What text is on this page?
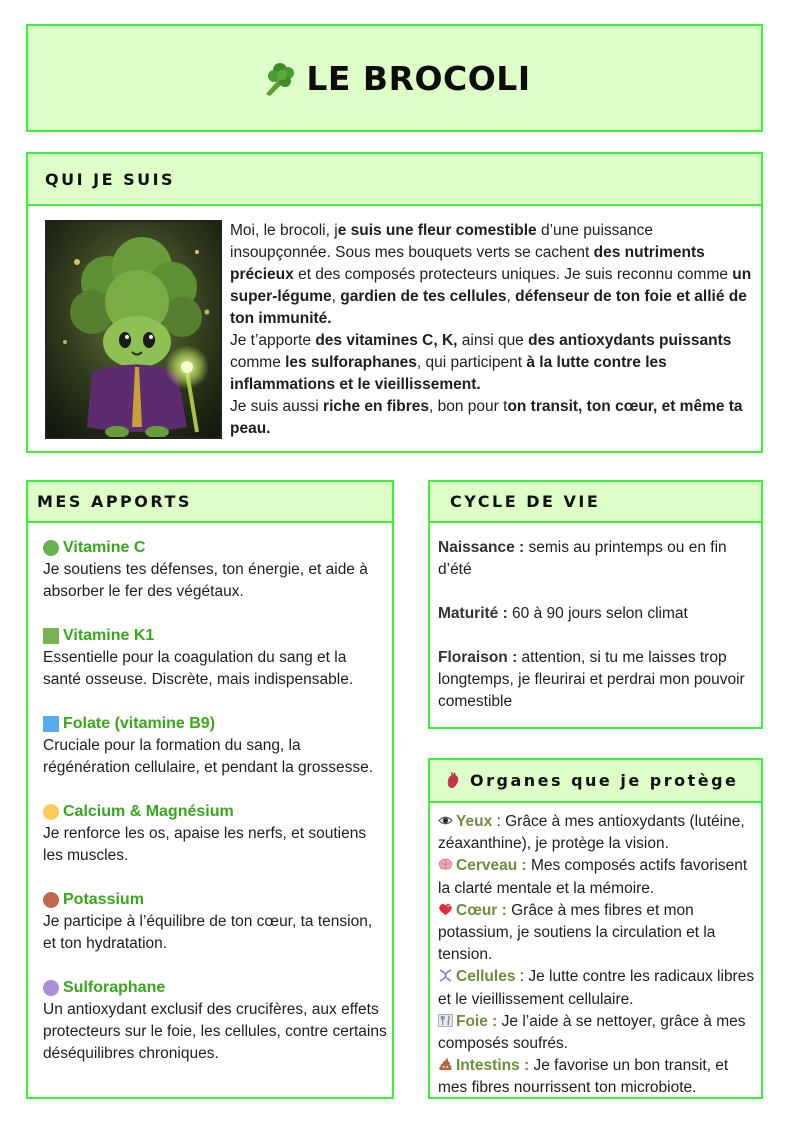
LE BROCOLI
QUI JE SUIS
Moi, le brocoli, je suis une fleur comestible d’une puissance insoupçonnée. Sous mes bouquets verts se cachent des nutriments précieux et des composés protecteurs uniques. Je suis reconnu comme un super-légume, gardien de tes cellules, défenseur de ton foie et allié de ton immunité.
Je t’apporte des vitamines C, K, ainsi que des antioxydants puissants comme les sulforaphanes, qui participent à la lutte contre les inflammations et le vieillissement.
Je suis aussi riche en fibres, bon pour ton transit, ton cœur, et même ta peau.
MES APPORTS
Vitamine C
Je soutiens tes défenses, ton énergie, et aide à absorber le fer des végétaux.
Vitamine K1
Essentielle pour la coagulation du sang et la santé osseuse. Discrète, mais indispensable.
Folate (vitamine B9)
Cruciale pour la formation du sang, la régénération cellulaire, et pendant la grossesse.
Calcium & Magnésium
Je renforce les os, apaise les nerfs, et soutiens les muscles.
Potassium
Je participe à l’équilibre de ton cœur, ta tension, et ton hydratation.
Sulforaphane
Un antioxydant exclusif des crucifères, aux effets protecteurs sur le foie, les cellules, contre certains déséquilibres chroniques.
CYCLE DE VIE
Naissance : semis au printemps ou en fin d’été
Maturité : 60 à 90 jours selon climat
Floraison : attention, si tu me laisses trop longtemps, je fleurirai et perdrai mon pouvoir comestible
Organes que je protège
Yeux : Grâce à mes antioxydants (lutéine, zéaxanthine), je protège la vision.
Cerveau : Mes composés actifs favorisent la clarté mentale et la mémoire.
Cœur : Grâce à mes fibres et mon potassium, je soutiens la circulation et la tension.
Cellules : Je lutte contre les radicaux libres et le vieillissement cellulaire.
Foie : Je l’aide à se nettoyer, grâce à mes composés soufrés.
Intestins : Je favorise un bon transit, et mes fibres nourrissent ton microbiote.
